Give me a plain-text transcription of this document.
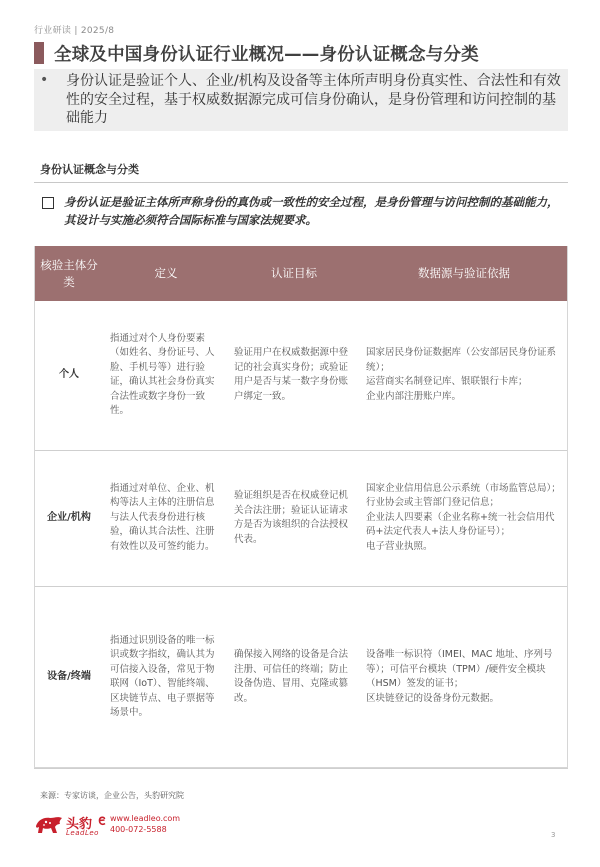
行业研读 | 2025/8
全球及中国身份认证行业概况——身份认证概念与分类
• 身份认证是验证个人、企业/机构及设备等主体所声明身份真实性、合法性和有效性的安全过程，基于权威数据源完成可信身份确认，是身份管理和访问控制的基础能力
身份认证概念与分类
身份认证是验证主体所声称身份的真伪或一致性的安全过程，是身份管理与访问控制的基础能力，其设计与实施必须符合国际标准与国家法规要求。
核验主体分类	定义	认证目标	数据源与验证依据
个人	指通过对个人身份要素（如姓名、身份证号、人脸、手机号等）进行验证，确认其社会身份真实合法性或数字身份一致性。	验证用户在权威数据源中登记的社会真实身份；或验证用户是否与某一数字身份账户绑定一致。	国家居民身份证数据库（公安部居民身份证系统）；
运营商实名制登记库、银联银行卡库；
企业内部注册账户库。

企业/机构	指通过对单位、企业、机构等法人主体的注册信息与法人代表身份进行核验，确认其合法性、注册有效性以及可签约能力。	验证组织是否在权威登记机关合法注册；验证认证请求方是否为该组织的合法授权代表。	国家企业信用信息公示系统（市场监管总局）；
行业协会或主管部门登记信息；
企业法人四要素（企业名称+统一社会信用代码+法定代表人+法人身份证号）；
电子营业执照。

设备/终端	指通过识别设备的唯一标识或数字指纹，确认其为可信接入设备，常见于物联网（IoT）、智能终端、区块链节点、电子票据等场景中。	确保接入网络的设备是合法注册、可信任的终端；防止设备伪造、冒用、克隆或篡改。	设备唯一标识符（IMEI、MAC 地址、序列号等）；可信平台模块（TPM）/硬件安全模块（HSM）签发的证书；
区块链登记的设备身份元数据。
来源：专家访谈，企业公告，头豹研究院
头豹
LeadLeo
www.leadleo.com
400-072-5588
3
